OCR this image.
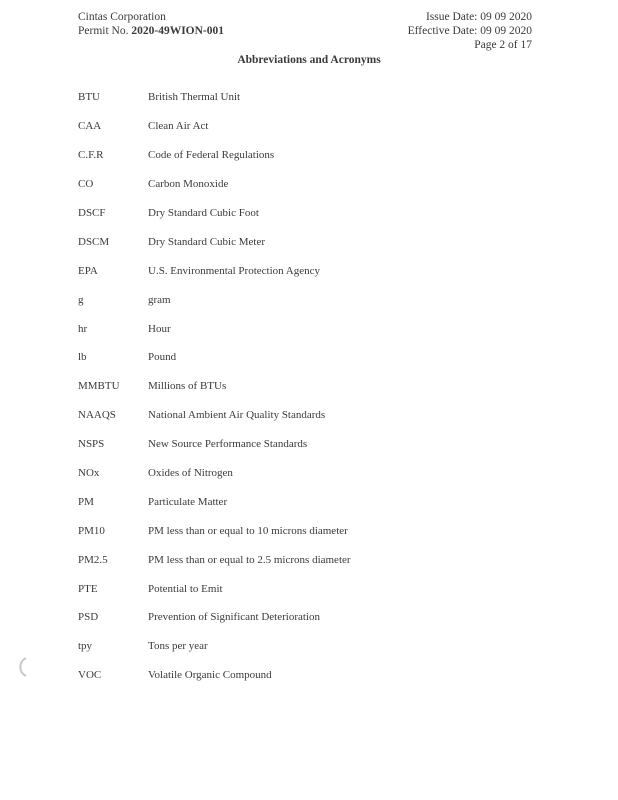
Cintas Corporation
Permit No. 2020-49WION-001
Issue Date: 09 09 2020
Effective Date: 09 09 2020
Page 2 of 17
Abbreviations and Acronyms
BTU	British Thermal Unit
CAA	Clean Air Act
C.F.R	Code of Federal Regulations
CO	Carbon Monoxide
DSCF	Dry Standard Cubic Foot
DSCM	Dry Standard Cubic Meter
EPA	U.S. Environmental Protection Agency
g	gram
hr	Hour
lb	Pound
MMBTU	Millions of BTUs
NAAQS	National Ambient Air Quality Standards
NSPS	New Source Performance Standards
NOx	Oxides of Nitrogen
PM	Particulate Matter
PM10	PM less than or equal to 10 microns diameter
PM2.5	PM less than or equal to 2.5 microns diameter
PTE	Potential to Emit
PSD	Prevention of Significant Deterioration
tpy	Tons per year
VOC	Volatile Organic Compound
